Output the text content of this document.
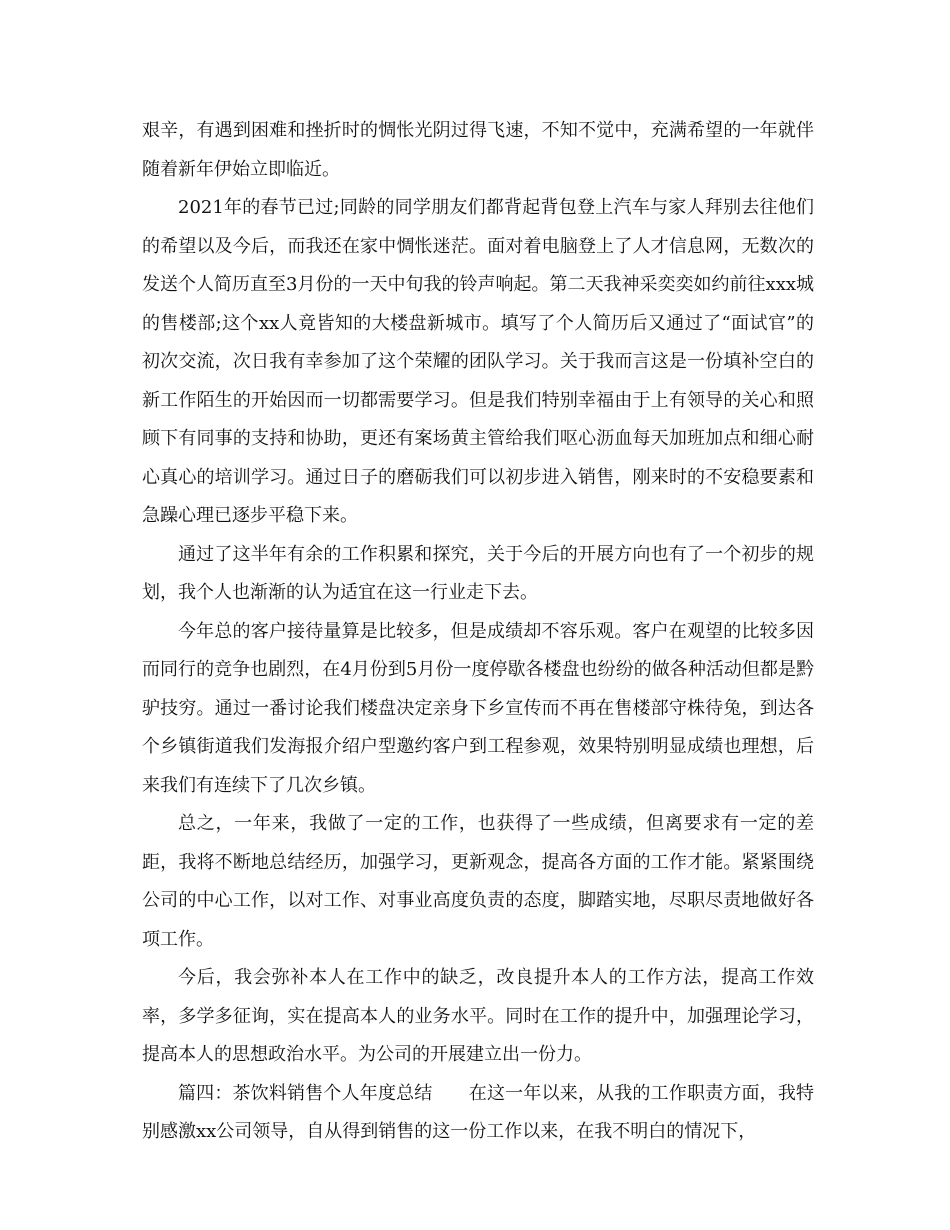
艰辛，有遇到困难和挫折时的惆怅光阴过得飞速，不知不觉中，充满希望的一年就伴随着新年伊始立即临近。

2021年的春节已过;同龄的同学朋友们都背起背包登上汽车与家人拜别去往他们的希望以及今后，而我还在家中惆怅迷茫。面对着电脑登上了人才信息网，无数次的发送个人简历直至3月份的一天中旬我的铃声响起。第二天我神采奕奕如约前往xxx城的售楼部;这个xx人竟皆知的大楼盘新城市。填写了个人简历后又通过了“面试官”的初次交流，次日我有幸参加了这个荣耀的团队学习。关于我而言这是一份填补空白的新工作陌生的开始因而一切都需要学习。但是我们特别幸福由于上有领导的关心和照顾下有同事的支持和协助，更还有案场黄主管给我们呕心沥血每天加班加点和细心耐心真心的培训学习。通过日子的磨砺我们可以初步进入销售，刚来时的不安稳要素和急躁心理已逐步平稳下来。

通过了这半年有余的工作积累和探究，关于今后的开展方向也有了一个初步的规划，我个人也渐渐的认为适宜在这一行业走下去。

今年总的客户接待量算是比较多，但是成绩却不容乐观。客户在观望的比较多因而同行的竞争也剧烈，在4月份到5月份一度停歇各楼盘也纷纷的做各种活动但都是黔驴技穷。通过一番讨论我们楼盘决定亲身下乡宣传而不再在售楼部守株待兔，到达各个乡镇街道我们发海报介绍户型邀约客户到工程参观，效果特别明显成绩也理想，后来我们有连续下了几次乡镇。

总之，一年来，我做了一定的工作，也获得了一些成绩，但离要求有一定的差距，我将不断地总结经历，加强学习，更新观念，提高各方面的工作才能。紧紧围绕公司的中心工作，以对工作、对事业高度负责的态度，脚踏实地，尽职尽责地做好各项工作。

今后，我会弥补本人在工作中的缺乏，改良提升本人的工作方法，提高工作效率，多学多征询，实在提高本人的业务水平。同时在工作的提升中，加强理论学习，提高本人的思想政治水平。为公司的开展建立出一份力。

篇四：茶饮料销售个人年度总结　　在这一年以来，从我的工作职责方面，我特别感激xx公司领导，自从得到销售的这一份工作以来，在我不明白的情况下，
